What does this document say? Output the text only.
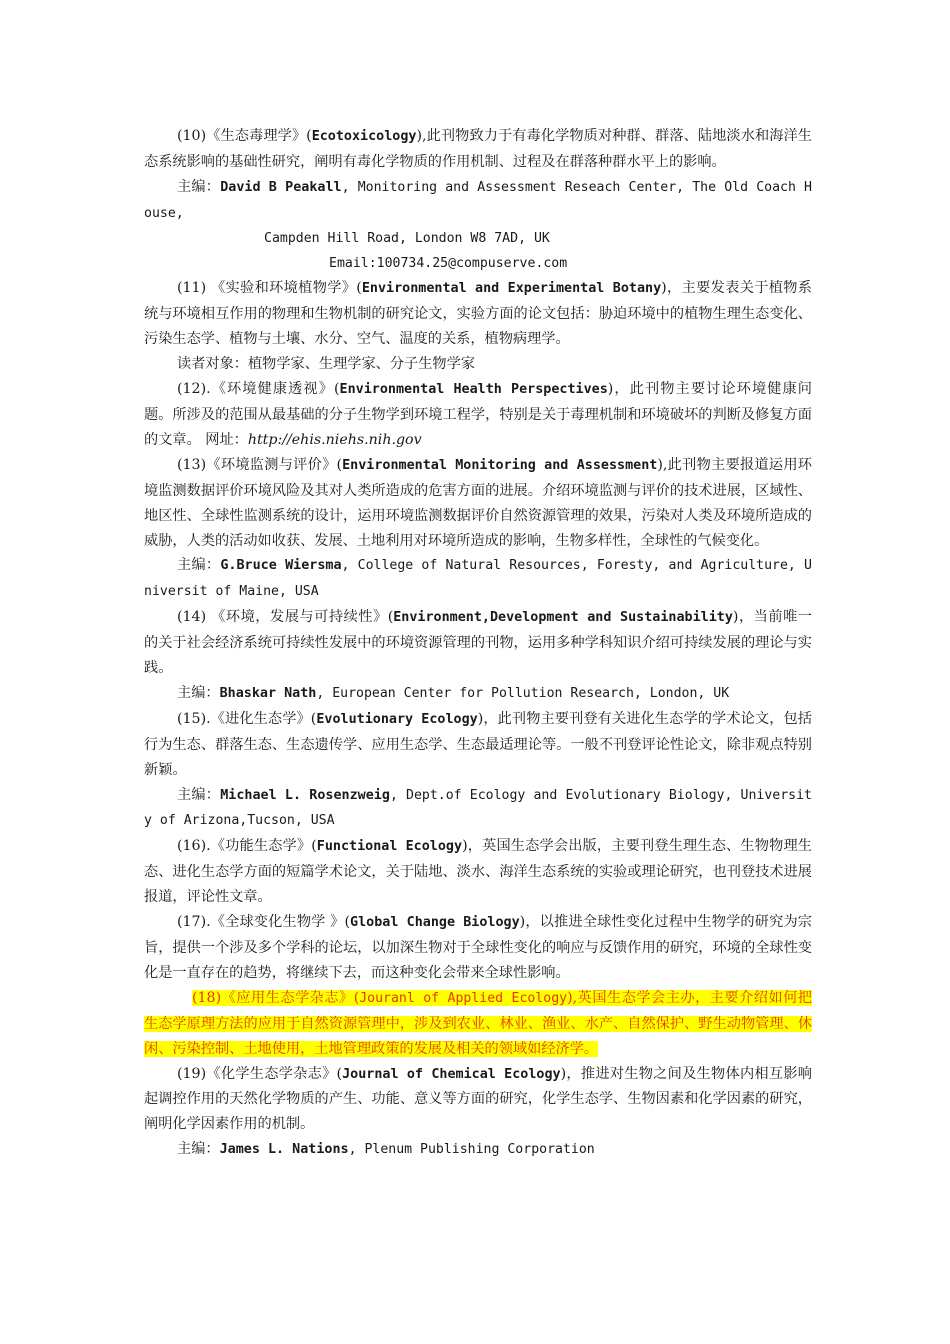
(10)《生态毒理学》(Ecotoxicology),此刊物致力于有毒化学物质对种群、群落、陆地淡水和海洋生态系统影响的基础性研究，阐明有毒化学物质的作用机制、过程及在群落种群水平上的影响。

主编：David B Peakall, Monitoring and Assessment Reseach Center, The Old Coach House,

Campden Hill Road, London W8 7AD, UK

Email:100734.25@compuserve.com

(11) 《实验和环境植物学》(Environmental and Experimental Botany)，主要发表关于植物系统与环境相互作用的物理和生物机制的研究论文，实验方面的论文包括：胁迫环境中的植物生理生态变化、污染生态学、植物与土壤、水分、空气、温度的关系，植物病理学。

读者对象：植物学家、生理学家、分子生物学家

(12).《环境健康透视》(Environmental Health Perspectives)，此刊物主要讨论环境健康问题。所涉及的范围从最基础的分子生物学到环境工程学，特别是关于毒理机制和环境破坏的判断及修复方面的文章。 网址：http://ehis.niehs.nih.gov

(13)《环境监测与评价》(Environmental Monitoring and Assessment),此刊物主要报道运用环境监测数据评价环境风险及其对人类所造成的危害方面的进展。介绍环境监测与评价的技术进展，区域性、地区性、全球性监测系统的设计，运用环境监测数据评价自然资源管理的效果，污染对人类及环境所造成的威胁，人类的活动如收获、发展、土地利用对环境所造成的影响，生物多样性，全球性的气候变化。

主编：G.Bruce Wiersma, College of Natural Resources, Foresty, and Agriculture, Universit of Maine, USA

(14) 《环境，发展与可持续性》(Environment,Development and Sustainability)，当前唯一的关于社会经济系统可持续性发展中的环境资源管理的刊物，运用多种学科知识介绍可持续发展的理论与实践。

主编：Bhaskar Nath, European Center for Pollution Research, London, UK

(15).《进化生态学》(Evolutionary Ecology)，此刊物主要刊登有关进化生态学的学术论文，包括行为生态、群落生态、生态遗传学、应用生态学、生态最适理论等。一般不刊登评论性论文，除非观点特别新颖。

主编：Michael L. Rosenzweig, Dept.of Ecology and Evolutionary Biology, University of Arizona,Tucson, USA

(16).《功能生态学》(Functional Ecology)，英国生态学会出版，主要刊登生理生态、生物物理生态、进化生态学方面的短篇学术论文，关于陆地、淡水、海洋生态系统的实验或理论研究，也刊登技术进展报道，评论性文章。

(17).《全球变化生物学 》(Global Change Biology)，以推进全球性变化过程中生物学的研究为宗旨，提供一个涉及多个学科的论坛，以加深生物对于全球性变化的响应与反馈作用的研究，环境的全球性变化是一直存在的趋势，将继续下去，而这种变化会带来全球性影响。

(18)《应用生态学杂志》(Jouranl of Applied Ecology),英国生态学会主办，主要介绍如何把生态学原理方法的应用于自然资源管理中，涉及到农业、林业、渔业、水产、自然保护、野生动物管理、休闲、污染控制、土地使用，土地管理政策的发展及相关的领域如经济学。

(19)《化学生态学杂志》(Journal of Chemical Ecology)，推进对生物之间及生物体内相互影响起调控作用的天然化学物质的产生、功能、意义等方面的研究，化学生态学、生物因素和化学因素的研究，阐明化学因素作用的机制。

主编：James L. Nations, Plenum Publishing Corporation
